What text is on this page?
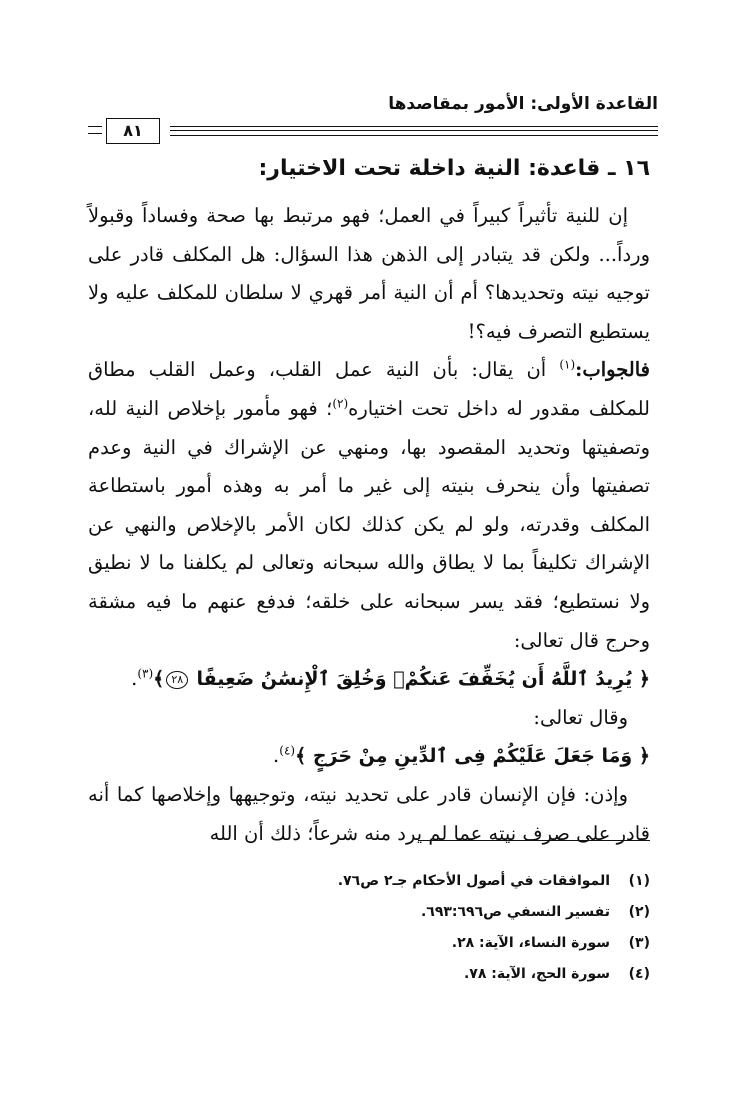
القاعدة الأولى: الأمور بمقاصدها
٨١
١٦ ـ قاعدة: النية داخلة تحت الاختيار:

إن للنية تأثيراً كبيراً في العمل؛ فهو مرتبط بها صحة وفساداً وقبولاً ورداً... ولكن قد يتبادر إلى الذهن هذا السؤال: هل المكلف قادر على توجيه نيته وتحديدها؟ أم أن النية أمر قهري لا سلطان للمكلف عليه ولا يستطيع التصرف فيه؟!

فالجواب:$^{(١)}$ أن يقال: بأن النية عمل القلب، وعمل القلب مطاق للمكلف مقدور له داخل تحت اختياره$^{(٢)}$؛ فهو مأمور بإخلاص النية لله، وتصفيتها وتحديد المقصود بها، ومنهي عن الإشراك في النية وعدم تصفيتها وأن ينحرف بنيته إلى غير ما أمر به وهذه أمور باستطاعة المكلف وقدرته، ولو لم يكن كذلك لكان الأمر بالإخلاص والنهي عن الإشراك تكليفاً بما لا يطاق والله سبحانه وتعالى لم يكلفنا ما لا نطيق ولا نستطيع؛ فقد يسر سبحانه على خلقه؛ فدفع عنهم ما فيه مشقة وحرج قال تعالى:

﴿ يُرِيدُ ٱللَّهُ أَن يُخَفِّفَ عَنكُمْۚ وَخُلِقَ ٱلْإِنسَٰنُ ضَعِيفًا ٢٨﴾$^{(٣)}$.

وقال تعالى:

﴿ وَمَا جَعَلَ عَلَيْكُمْ فِى ٱلدِّينِ مِنْ حَرَجٍ ﴾$^{(٤)}$.

وإذن: فإن الإنسان قادر على تحديد نيته، وتوجيهها وإخلاصها كما أنه قادر على صرف نيته عما لم يرد منه شرعاً؛ ذلك أن الله

(١)الموافقات في أصول الأحكام جـ٢ ص٧٦.
(٢)تفسير النسفي ص٦٩٣:٦٩٦.
(٣)سورة النساء، الآية: ٢٨.
(٤)سورة الحج، الآية: ٧٨.
